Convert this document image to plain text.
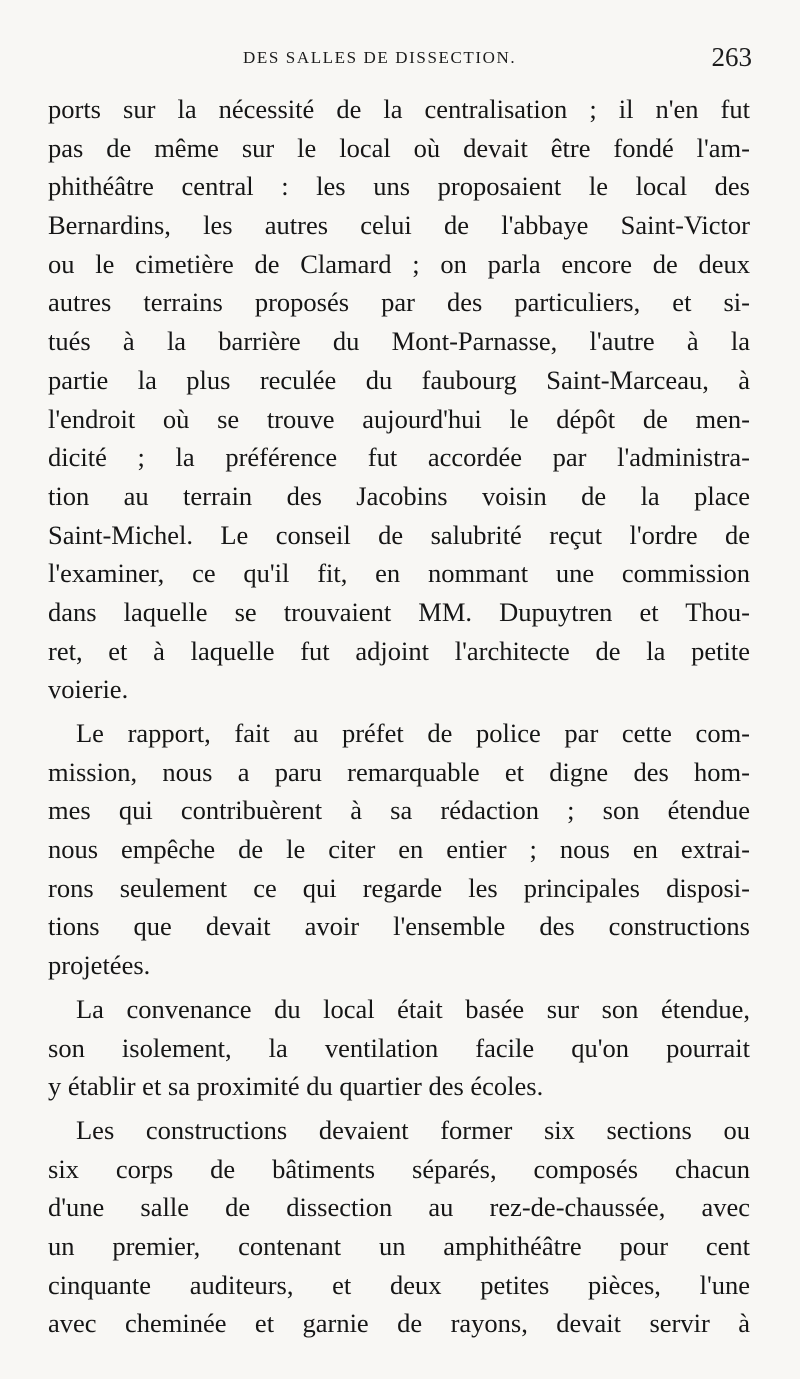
DES SALLES DE DISSECTION.	263
ports sur la nécessité de la centralisation ; il n'en fut
pas de même sur le local où devait être fondé l'am-
phithéâtre central : les uns proposaient le local des
Bernardins, les autres celui de l'abbaye Saint-Victor
ou le cimetière de Clamard ; on parla encore de deux
autres terrains proposés par des particuliers, et si-
tués à la barrière du Mont-Parnasse, l'autre à la
partie la plus reculée du faubourg Saint-Marceau, à
l'endroit où se trouve aujourd'hui le dépôt de men-
dicité ; la préférence fut accordée par l'administra-
tion au terrain des Jacobins voisin de la place
Saint-Michel. Le conseil de salubrité reçut l'ordre de
l'examiner, ce qu'il fit, en nommant une commission
dans laquelle se trouvaient MM. Dupuytren et Thou-
ret, et à laquelle fut adjoint l'architecte de la petite
voierie.
Le rapport, fait au préfet de police par cette com-
mission, nous a paru remarquable et digne des hom-
mes qui contribuèrent à sa rédaction ; son étendue
nous empêche de le citer en entier ; nous en extrai-
rons seulement ce qui regarde les principales disposi-
tions que devait avoir l'ensemble des constructions
projetées.
La convenance du local était basée sur son étendue,
son isolement, la ventilation facile qu'on pourrait
y établir et sa proximité du quartier des écoles.
Les constructions devaient former six sections ou
six corps de bâtiments séparés, composés chacun
d'une salle de dissection au rez-de-chaussée, avec
un premier, contenant un amphithéâtre pour cent
cinquante auditeurs, et deux petites pièces, l'une
avec cheminée et garnie de rayons, devait servir à
